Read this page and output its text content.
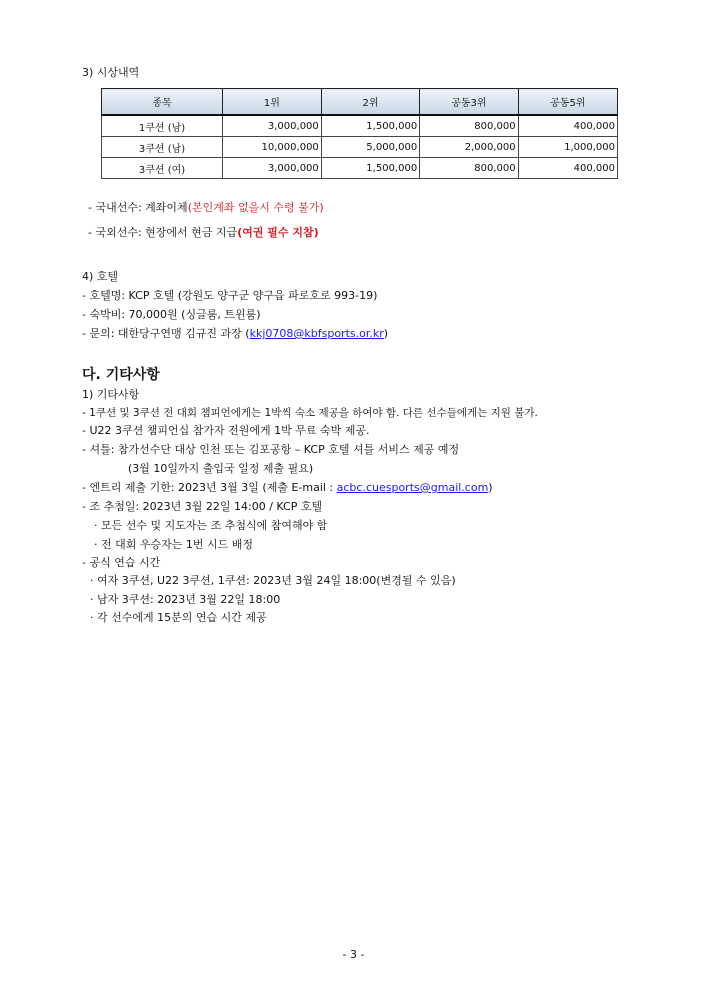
3) 시상내역
종목	1위	2위	공동3위	공동5위
1쿠션 (남)	3,000,000	1,500,000	800,000	400,000
3쿠션 (남)	10,000,000	5,000,000	2,000,000	1,000,000
3쿠션 (여)	3,000,000	1,500,000	800,000	400,000
- 국내선수: 계좌이체(본인계좌 없을시 수령 불가)
- 국외선수: 현장에서 현금 지급(여권 필수 지참)
4) 호텔
- 호텔명: KCP 호텔 (강원도 양구군 양구읍 파로호로 993-19)
- 숙박비: 70,000원 (싱글룸, 트윈룸)
- 문의: 대한당구연맹 김규진 과장 (kkj0708@kbfsports.or.kr)
다. 기타사항
1) 기타사항
- 1쿠션 및 3쿠션 전 대회 챔피언에게는 1박씩 숙소 제공을 하여야 함. 다른 선수들에게는 지원 불가.
- U22 3쿠션 챔피언십 참가자 전원에게 1박 무료 숙박 제공.
- 셔틀: 참가선수단 대상 인천 또는 김포공항 – KCP 호텔 셔틀 서비스 제공 예정
(3월 10일까지 출입국 일정 제출 필요)
- 엔트리 제출 기한: 2023년 3월 3일 (제출 E-mail : acbc.cuesports@gmail.com)
- 조 추첨일: 2023년 3월 22일 14:00 / KCP 호텔
· 모든 선수 및 지도자는 조 추첨식에 참여해야 함
· 전 대회 우승자는 1번 시드 배정
- 공식 연습 시간
· 여자 3쿠션, U22 3쿠션, 1쿠션: 2023년 3월 24일 18:00(변경될 수 있음)
· 남자 3쿠션: 2023년 3월 22일 18:00
· 각 선수에게 15분의 연습 시간 제공
- 3 -
